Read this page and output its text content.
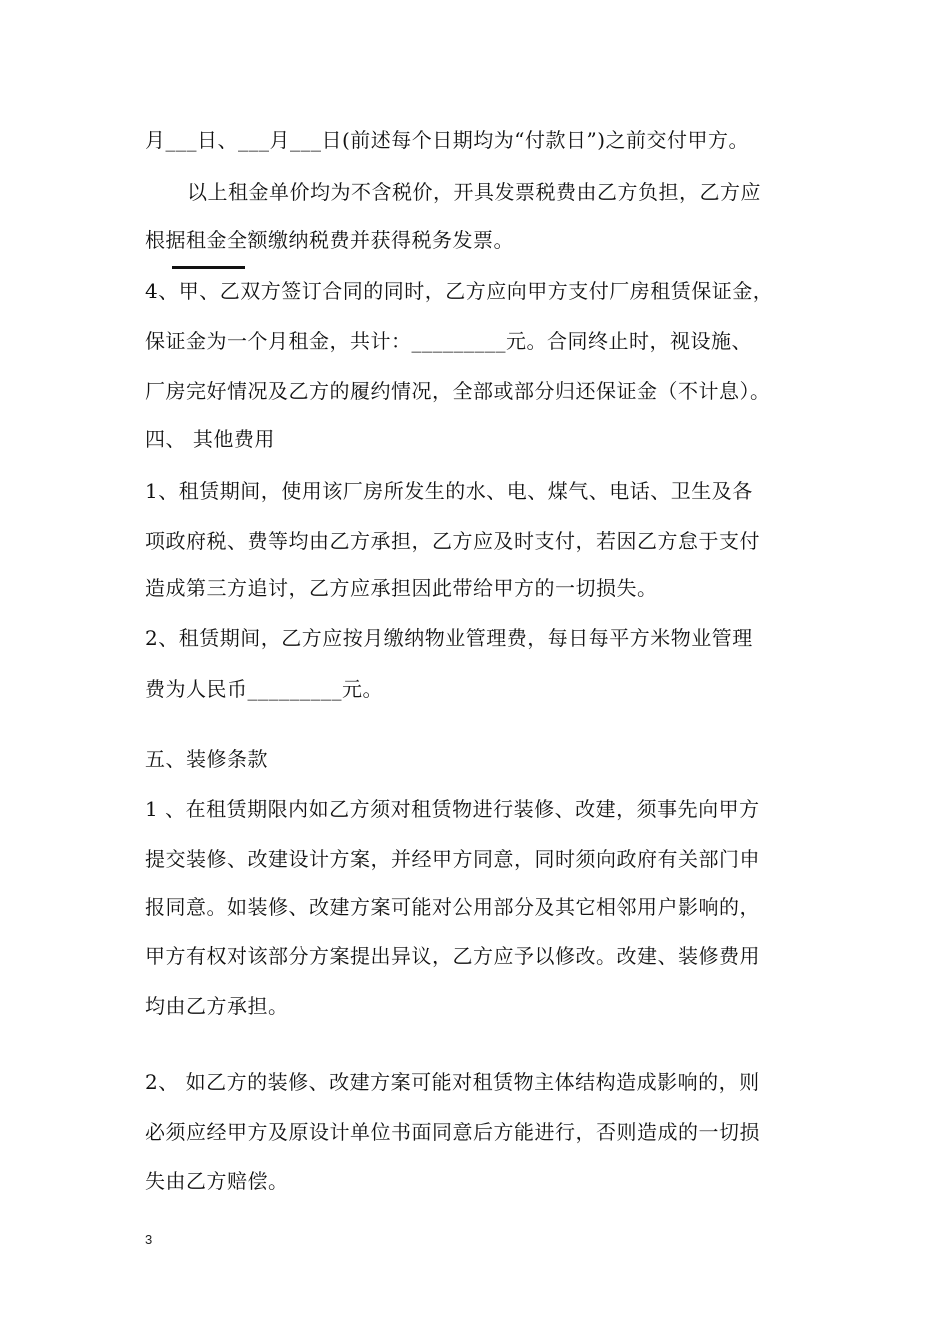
月___日、___月___日(前述每个日期均为“付款日”)之前交付甲方。
以上租金单价均为不含税价，开具发票税费由乙方负担，乙方应
根据租金全额缴纳税费并获得税务发票。
4、甲、乙双方签订合同的同时，乙方应向甲方支付厂房租赁保证金，
保证金为一个月租金，共计：_________元。合同终止时，视设施、
厂房完好情况及乙方的履约情况，全部或部分归还保证金（不计息）。
四、 其他费用
1、租赁期间，使用该厂房所发生的水、电、煤气、电话、卫生及各
项政府税、费等均由乙方承担，乙方应及时支付，若因乙方怠于支付
造成第三方追讨，乙方应承担因此带给甲方的一切损失。
2、租赁期间，乙方应按月缴纳物业管理费，每日每平方米物业管理
费为人民币_________元。
五、装修条款
1 、在租赁期限内如乙方须对租赁物进行装修、改建，须事先向甲方
提交装修、改建设计方案，并经甲方同意，同时须向政府有关部门申
报同意。如装修、改建方案可能对公用部分及其它相邻用户影响的，
甲方有权对该部分方案提出异议，乙方应予以修改。改建、装修费用
均由乙方承担。
2、 如乙方的装修、改建方案可能对租赁物主体结构造成影响的，则
必须应经甲方及原设计单位书面同意后方能进行，否则造成的一切损
失由乙方赔偿。
3
